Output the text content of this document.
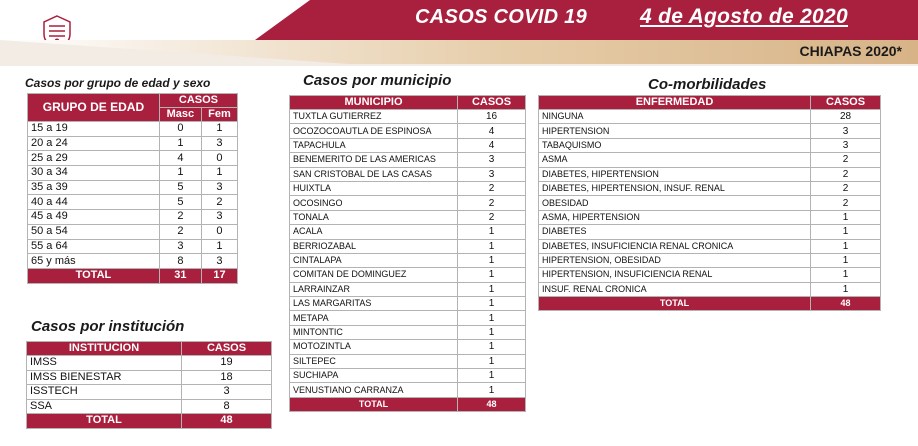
SECRETARÍA
DE SALUD
CASOS COVID 19	4 de Agosto de 2020
CHIAPAS 2020*
Casos por grupo de edad y sexo
GRUPO DE EDAD	CASOS	
	Masc	Fem
15 a 19	0	1
20 a 24	1	3
25 a 29	4	0
30 a 34	1	1
35 a 39	5	3
40 a 44	5	2
45 a 49	2	3
50 a 54	2	0
55 a 64	3	1
65 y más	8	3
TOTAL	31	17
Casos por institución
INSTITUCION	CASOS
IMSS	19
IMSS BIENESTAR	18
ISSTECH	3
SSA	8
TOTAL	48
Casos por municipio
MUNICIPIO	CASOS
TUXTLA GUTIERREZ	16
OCOZOCOAUTLA DE ESPINOSA	4
TAPACHULA	4
BENEMERITO DE LAS AMERICAS	3
SAN CRISTOBAL DE LAS CASAS	3
HUIXTLA	2
OCOSINGO	2
TONALA	2
ACALA	1
BERRIOZABAL	1
CINTALAPA	1
COMITAN DE DOMINGUEZ	1
LARRAINZAR	1
LAS MARGARITAS	1
METAPA	1
MINTONTIC	1
MOTOZINTLA	1
SILTEPEC	1
SUCHIAPA	1
VENUSTIANO CARRANZA	1
TOTAL	48
Co-morbilidades
ENFERMEDAD	CASOS
NINGUNA	28
HIPERTENSION	3
TABAQUISMO	3
ASMA	2
DIABETES, HIPERTENSION	2
DIABETES, HIPERTENSION, INSUF. RENAL	2
OBESIDAD	2
ASMA, HIPERTENSION	1
DIABETES	1
DIABETES, INSUFICIENCIA RENAL CRONICA	1
HIPERTENSION, OBESIDAD	1
HIPERTENSION, INSUFICIENCIA RENAL	1
INSUF. RENAL CRONICA	1
TOTAL	48
